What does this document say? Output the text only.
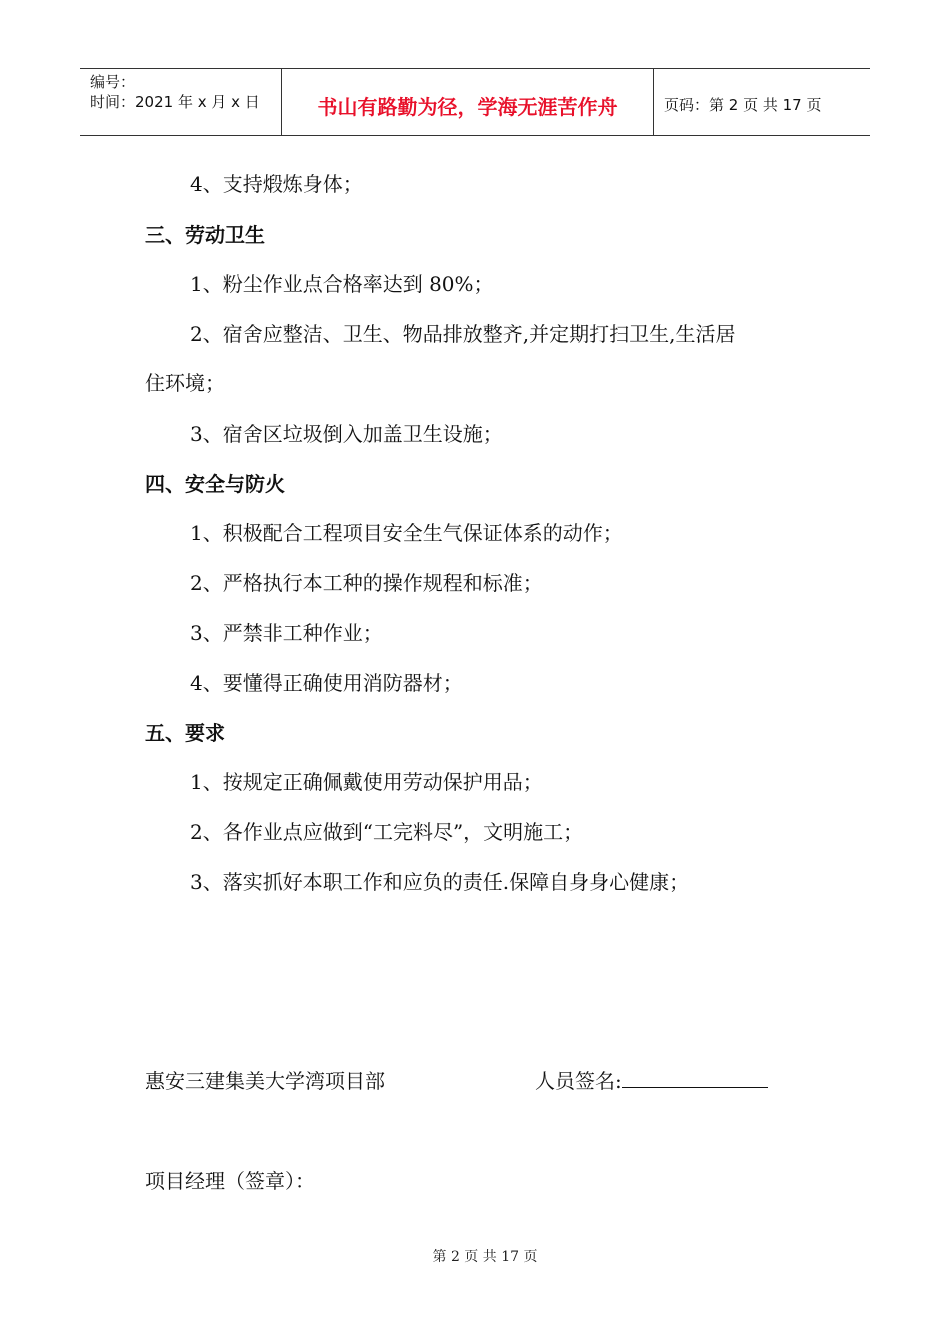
编号：
时间：2021 年 x 月 x 日	书山有路勤为径，学海无涯苦作舟	页码：第 2 页 共 17 页
4、支持煅炼身体；
三、劳动卫生
1、粉尘作业点合格率达到 80%；
2、宿舍应整洁、卫生、物品排放整齐,并定期打扫卫生,生活居
住环境；
3、宿舍区垃圾倒入加盖卫生设施；
四、安全与防火
1、积极配合工程项目安全生气保证体系的动作；
2、严格执行本工种的操作规程和标准；
3、严禁非工种作业；
4、要懂得正确使用消防器材；
五、要求
1、按规定正确佩戴使用劳动保护用品；
2、各作业点应做到“工完料尽”，文明施工；
3、落实抓好本职工作和应负的责任.保障自身身心健康；
惠安三建集美大学湾项目部	人员签名:
项目经理（签章）：
第 2 页 共 17 页
